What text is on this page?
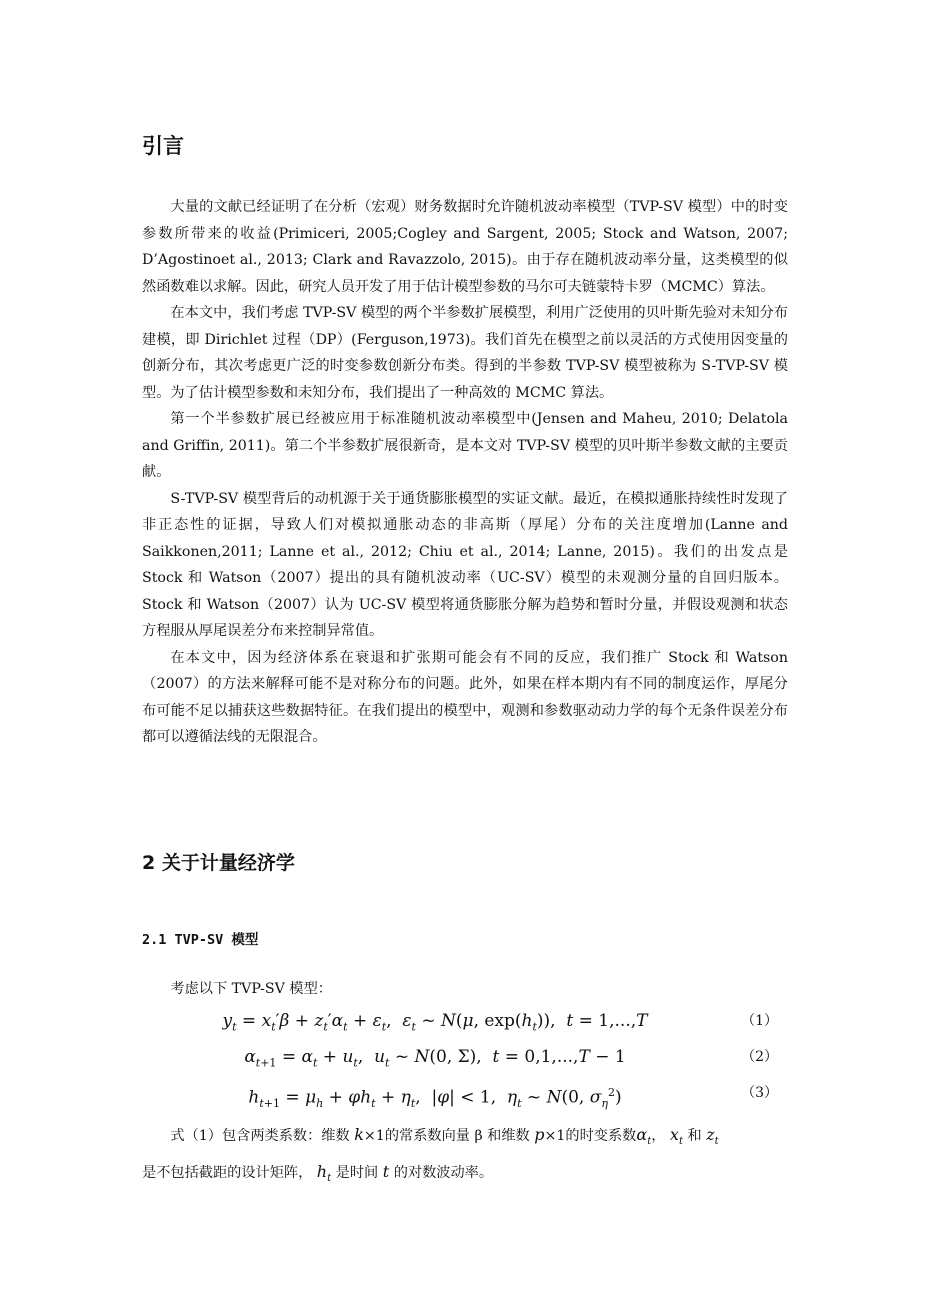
引言

大量的文献已经证明了在分析（宏观）财务数据时允许随机波动率模型（TVP-SV 模型）中的时变参数所带来的收益(Primiceri, 2005;Cogley and Sargent, 2005; Stock and Watson, 2007; D’Agostinoet al., 2013; Clark and Ravazzolo, 2015)。由于存在随机波动率分量，这类模型的似然函数难以求解。因此，研究人员开发了用于估计模型参数的马尔可夫链蒙特卡罗（MCMC）算法。

在本文中，我们考虑 TVP-SV 模型的两个半参数扩展模型，利用广泛使用的贝叶斯先验对未知分布建模，即 Dirichlet 过程（DP）(Ferguson,1973)。我们首先在模型之前以灵活的方式使用因变量的创新分布，其次考虑更广泛的时变参数创新分布类。得到的半参数 TVP-SV 模型被称为 S-TVP-SV 模型。为了估计模型参数和未知分布，我们提出了一种高效的 MCMC 算法。

第一个半参数扩展已经被应用于标准随机波动率模型中(Jensen and Maheu, 2010; Delatola and Griffin, 2011)。第二个半参数扩展很新奇，是本文对 TVP-SV 模型的贝叶斯半参数文献的主要贡献。

S-TVP-SV 模型背后的动机源于关于通货膨胀模型的实证文献。最近，在模拟通胀持续性时发现了非正态性的证据，导致人们对模拟通胀动态的非高斯（厚尾）分布的关注度增加(Lanne and Saikkonen,2011; Lanne et al., 2012; Chiu et al., 2014; Lanne, 2015)。我们的出发点是 Stock 和 Watson（2007）提出的具有随机波动率（UC-SV）模型的未观测分量的自回归版本。Stock 和 Watson（2007）认为 UC-SV 模型将通货膨胀分解为趋势和暂时分量，并假设观测和状态方程服从厚尾误差分布来控制异常值。

在本文中，因为经济体系在衰退和扩张期可能会有不同的反应，我们推广 Stock 和 Watson（2007）的方法来解释可能不是对称分布的问题。此外，如果在样本期内有不同的制度运作，厚尾分布可能不足以捕获这些数据特征。在我们提出的模型中，观测和参数驱动动力学的每个无条件误差分布都可以遵循法线的无限混合。

2 关于计量经济学
2.1 TVP-SV 模型
考虑以下 TVP-SV 模型：
$y_t = x_t'\beta + z_t'\alpha_t + \varepsilon_t$,  $\varepsilon_t$ ~ N(μ, $\exp(h_t)$),  t = 1,...,T	（1）
$\alpha_{t+1} = \alpha_t + u_t$,  $u_t$ ~ N(0, Σ),  t = 0,1,...,T − 1	（2）
$h_{t+1} = \mu_h + \varphi h_t + \eta_t$,  |φ| < 1,  $\eta_t$ ~ N(0, $\sigma_\eta^2$)	（3）

式（1）包含两类系数：维数 k×1的常系数向量 β 和维数 p×1的时变系数$\alpha_t$， $x_t$ 和 $z_t$

是不包括截距的设计矩阵， $h_t$ 是时间 t 的对数波动率。
